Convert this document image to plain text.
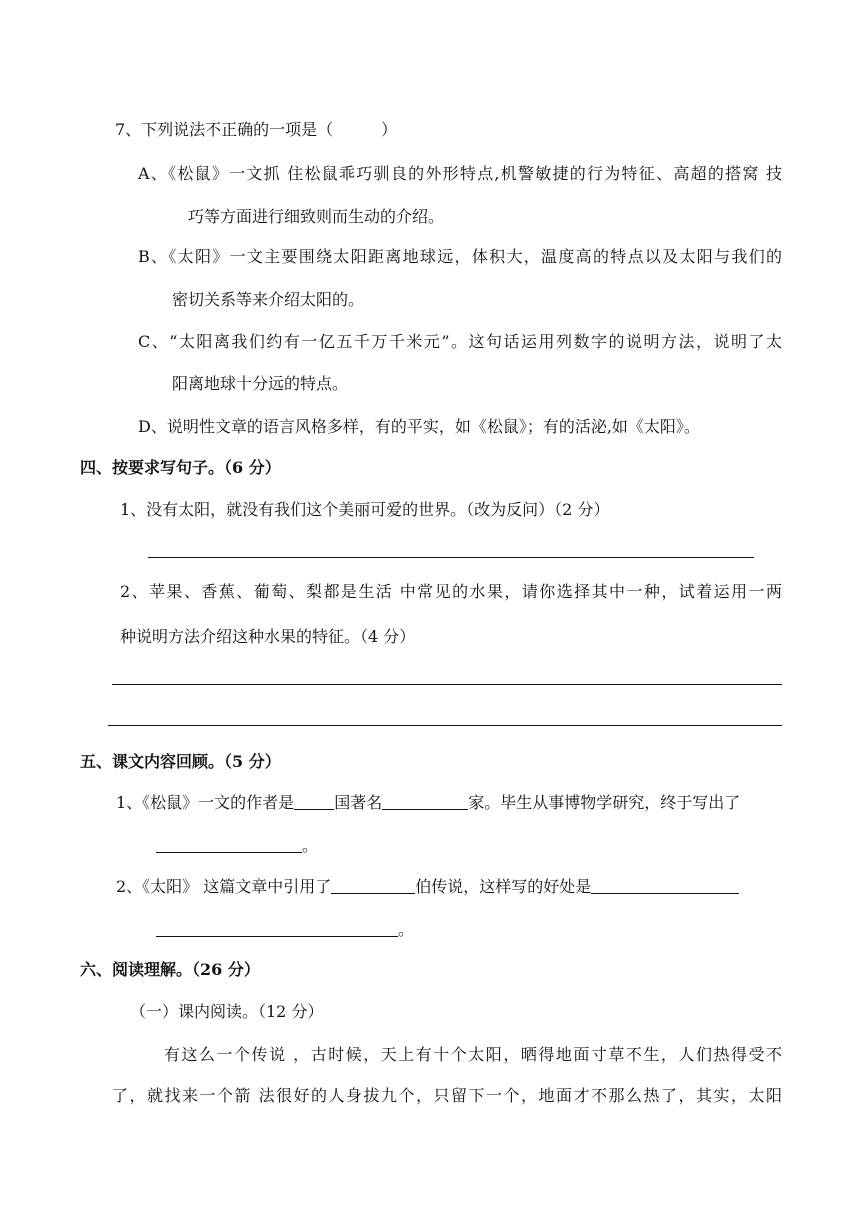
7、下列说法不正确的一项是（　　　）
A、《松鼠》一文抓 住松鼠乖巧驯良的外形特点,机警敏捷的行为特征、高超的搭窝 技
巧等方面进行细致则而生动的介绍。
B、《太阳》一文主要围绕太阳距离地球远，体积大，温度高的特点以及太阳与我们的
密切关系等来介绍太阳的。
C、“太阳离我们约有一亿五千万千米元”。这句话运用列数字的说明方法，说明了太
阳离地球十分远的特点。
D、说明性文章的语言风格多样，有的平实，如《松鼠》；有的活泌,如《太阳》。
四、按要求写句子。（6 分）
1、没有太阳，就没有我们这个美丽可爱的世界。（改为反问）（2 分）
2、苹果、香蕉、葡萄、梨都是生活 中常见的水果，请你选择其中一种，试着运用一两
种说明方法介绍这种水果的特征。（4 分）
五、课文内容回顾。（5 分）
1、《松鼠》一文的作者是	国著名	家。毕生从事博物学研究，终于写出了
。
2、《太阳》 这篇文章中引用了	伯传说，这样写的好处是
。
六、阅读理解。（26 分）
（一）课内阅读。（12 分）
有这么一个传说 ，古时候，天上有十个太阳，晒得地面寸草不生，人们热得受不
了，就找来一个箭 法很好的人身拔九个，只留下一个，地面才不那么热了，其实，太阳
